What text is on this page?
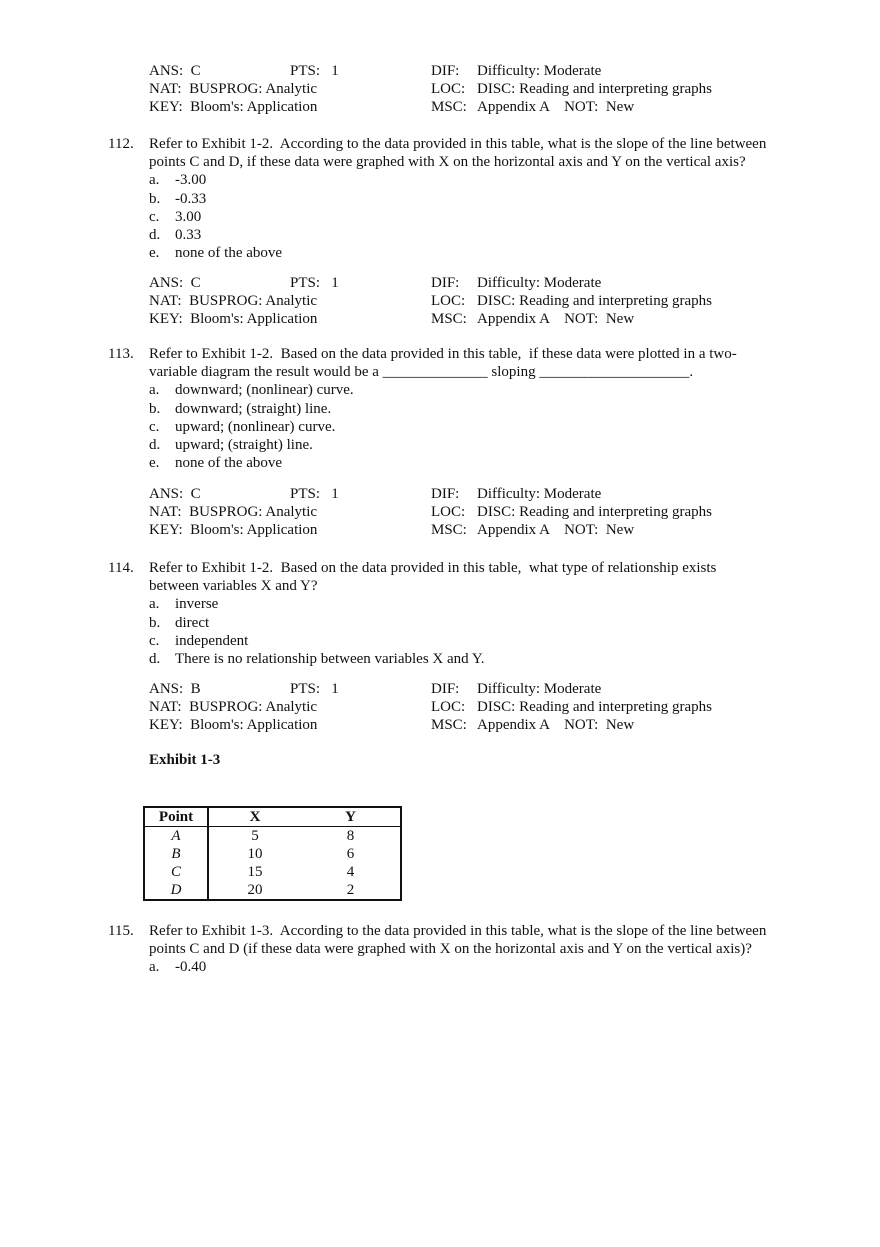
Exhibit 1-3
Point	X	Y
A	5	8
B	10	6
C	15	4
D	20	2
ANS:  C	PTS:   1	DIF: Difficulty: Moderate
NAT:  BUSPROG: Analytic	LOC: DISC: Reading and interpreting graphs
KEY:  Bloom's: Application	MSC: Appendix A    NOT:  New
112. Refer to Exhibit 1-2.  According to the data provided in this table, what is the slope of the line between
points C and D, if these data were graphed with X on the horizontal axis and Y on the vertical axis?
a. -3.00
b. -0.33
c. 3.00
d. 0.33
e. none of the above
ANS:  C	PTS:   1	DIF: Difficulty: Moderate
NAT:  BUSPROG: Analytic	LOC: DISC: Reading and interpreting graphs
KEY:  Bloom's: Application	MSC: Appendix A    NOT:  New
113. Refer to Exhibit 1-2.  Based on the data provided in this table,  if these data were plotted in a two-
variable diagram the result would be a ______________ sloping ____________________.
a. downward; (nonlinear) curve.
b. downward; (straight) line.
c. upward; (nonlinear) curve.
d. upward; (straight) line.
e. none of the above
ANS:  C	PTS:   1	DIF: Difficulty: Moderate
NAT:  BUSPROG: Analytic	LOC: DISC: Reading and interpreting graphs
KEY:  Bloom's: Application	MSC: Appendix A    NOT:  New
114. Refer to Exhibit 1-2.  Based on the data provided in this table,  what type of relationship exists
between variables X and Y?
a. inverse
b. direct
c. independent
d. There is no relationship between variables X and Y.
ANS:  B	PTS:   1	DIF: Difficulty: Moderate
NAT:  BUSPROG: Analytic	LOC: DISC: Reading and interpreting graphs
KEY:  Bloom's: Application	MSC: Appendix A    NOT:  New
115. Refer to Exhibit 1-3.  According to the data provided in this table, what is the slope of the line between
points C and D (if these data were graphed with X on the horizontal axis and Y on the vertical axis)?
a. -0.40
